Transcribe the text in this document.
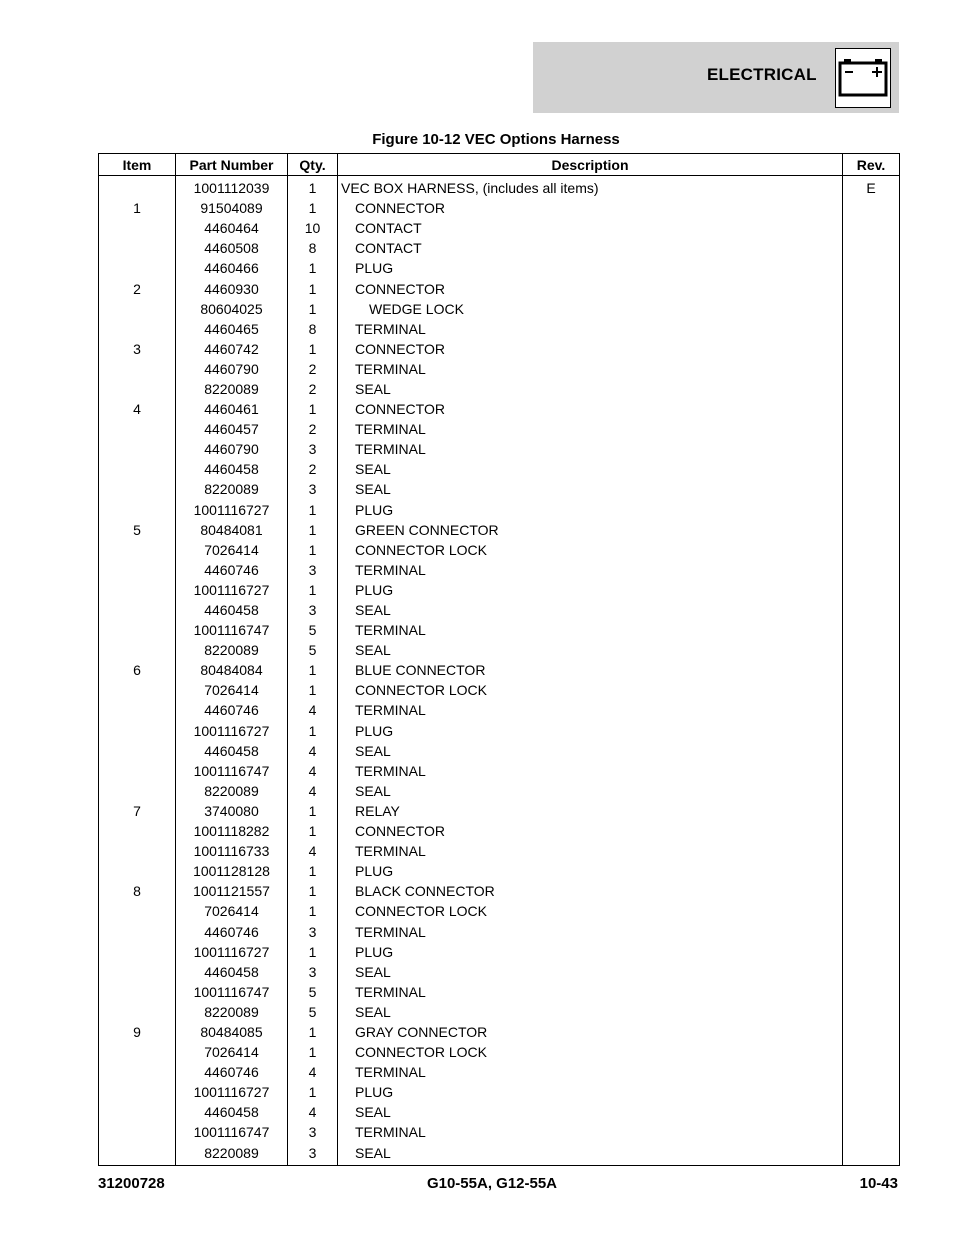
ELECTRICAL
Figure 10-12 VEC Options Harness
Item	Part Number	Qty.	Description	Rev.
	1001112039	1	VEC BOX HARNESS, (includes all items)	E
1	91504089	1	CONNECTOR	
	4460464	10	CONTACT	
	4460508	8	CONTACT	
	4460466	1	PLUG	
2	4460930	1	CONNECTOR	
	80604025	1	WEDGE LOCK	
	4460465	8	TERMINAL	
3	4460742	1	CONNECTOR	
	4460790	2	TERMINAL	
	8220089	2	SEAL	
4	4460461	1	CONNECTOR	
	4460457	2	TERMINAL	
	4460790	3	TERMINAL	
	4460458	2	SEAL	
	8220089	3	SEAL	
	1001116727	1	PLUG	
5	80484081	1	GREEN CONNECTOR	
	7026414	1	CONNECTOR LOCK	
	4460746	3	TERMINAL	
	1001116727	1	PLUG	
	4460458	3	SEAL	
	1001116747	5	TERMINAL	
	8220089	5	SEAL	
6	80484084	1	BLUE CONNECTOR	
	7026414	1	CONNECTOR LOCK	
	4460746	4	TERMINAL	
	1001116727	1	PLUG	
	4460458	4	SEAL	
	1001116747	4	TERMINAL	
	8220089	4	SEAL	
7	3740080	1	RELAY	
	1001118282	1	CONNECTOR	
	1001116733	4	TERMINAL	
	1001128128	1	PLUG	
8	1001121557	1	BLACK CONNECTOR	
	7026414	1	CONNECTOR LOCK	
	4460746	3	TERMINAL	
	1001116727	1	PLUG	
	4460458	3	SEAL	
	1001116747	5	TERMINAL	
	8220089	5	SEAL	
9	80484085	1	GRAY CONNECTOR	
	7026414	1	CONNECTOR LOCK	
	4460746	4	TERMINAL	
	1001116727	1	PLUG	
	4460458	4	SEAL	
	1001116747	3	TERMINAL	
	8220089	3	SEAL	
31200728	G10-55A, G12-55A	10-43
